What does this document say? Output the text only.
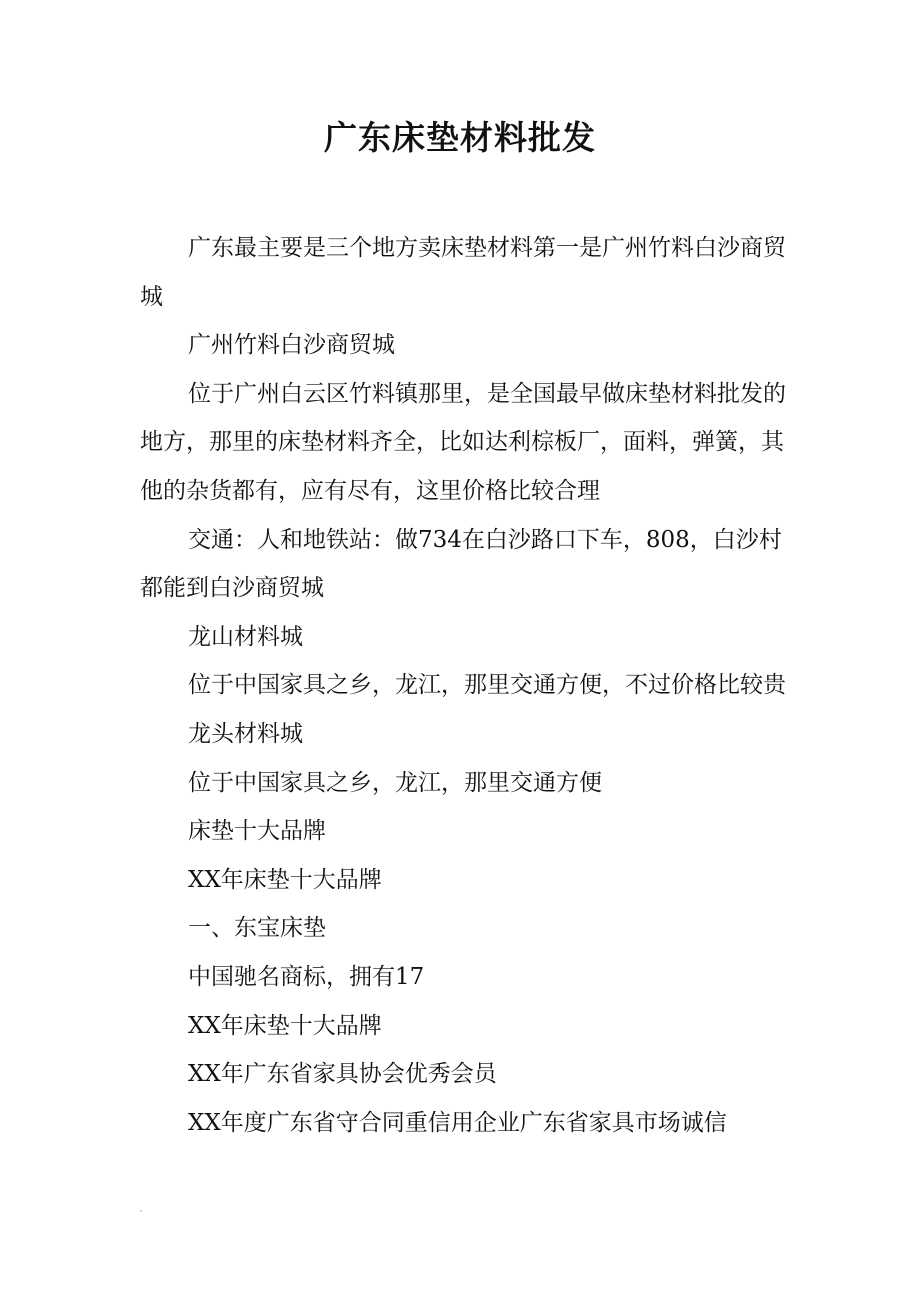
广东床垫材料批发

广东最主要是三个地方卖床垫材料第一是广州竹料白沙商贸城

广州竹料白沙商贸城

位于广州白云区竹料镇那里，是全国最早做床垫材料批发的地方，那里的床垫材料齐全，比如达利棕板厂，面料，弹簧，其他的杂货都有，应有尽有，这里价格比较合理

交通：人和地铁站：做734在白沙路口下车，808，白沙村都能到白沙商贸城

龙山材料城

位于中国家具之乡，龙江，那里交通方便，不过价格比较贵

龙头材料城

位于中国家具之乡，龙江，那里交通方便

床垫十大品牌

XX年床垫十大品牌

一、东宝床垫

中国驰名商标，拥有17

XX年床垫十大品牌

XX年广东省家具协会优秀会员

XX年度广东省守合同重信用企业广东省家具市场诚信
